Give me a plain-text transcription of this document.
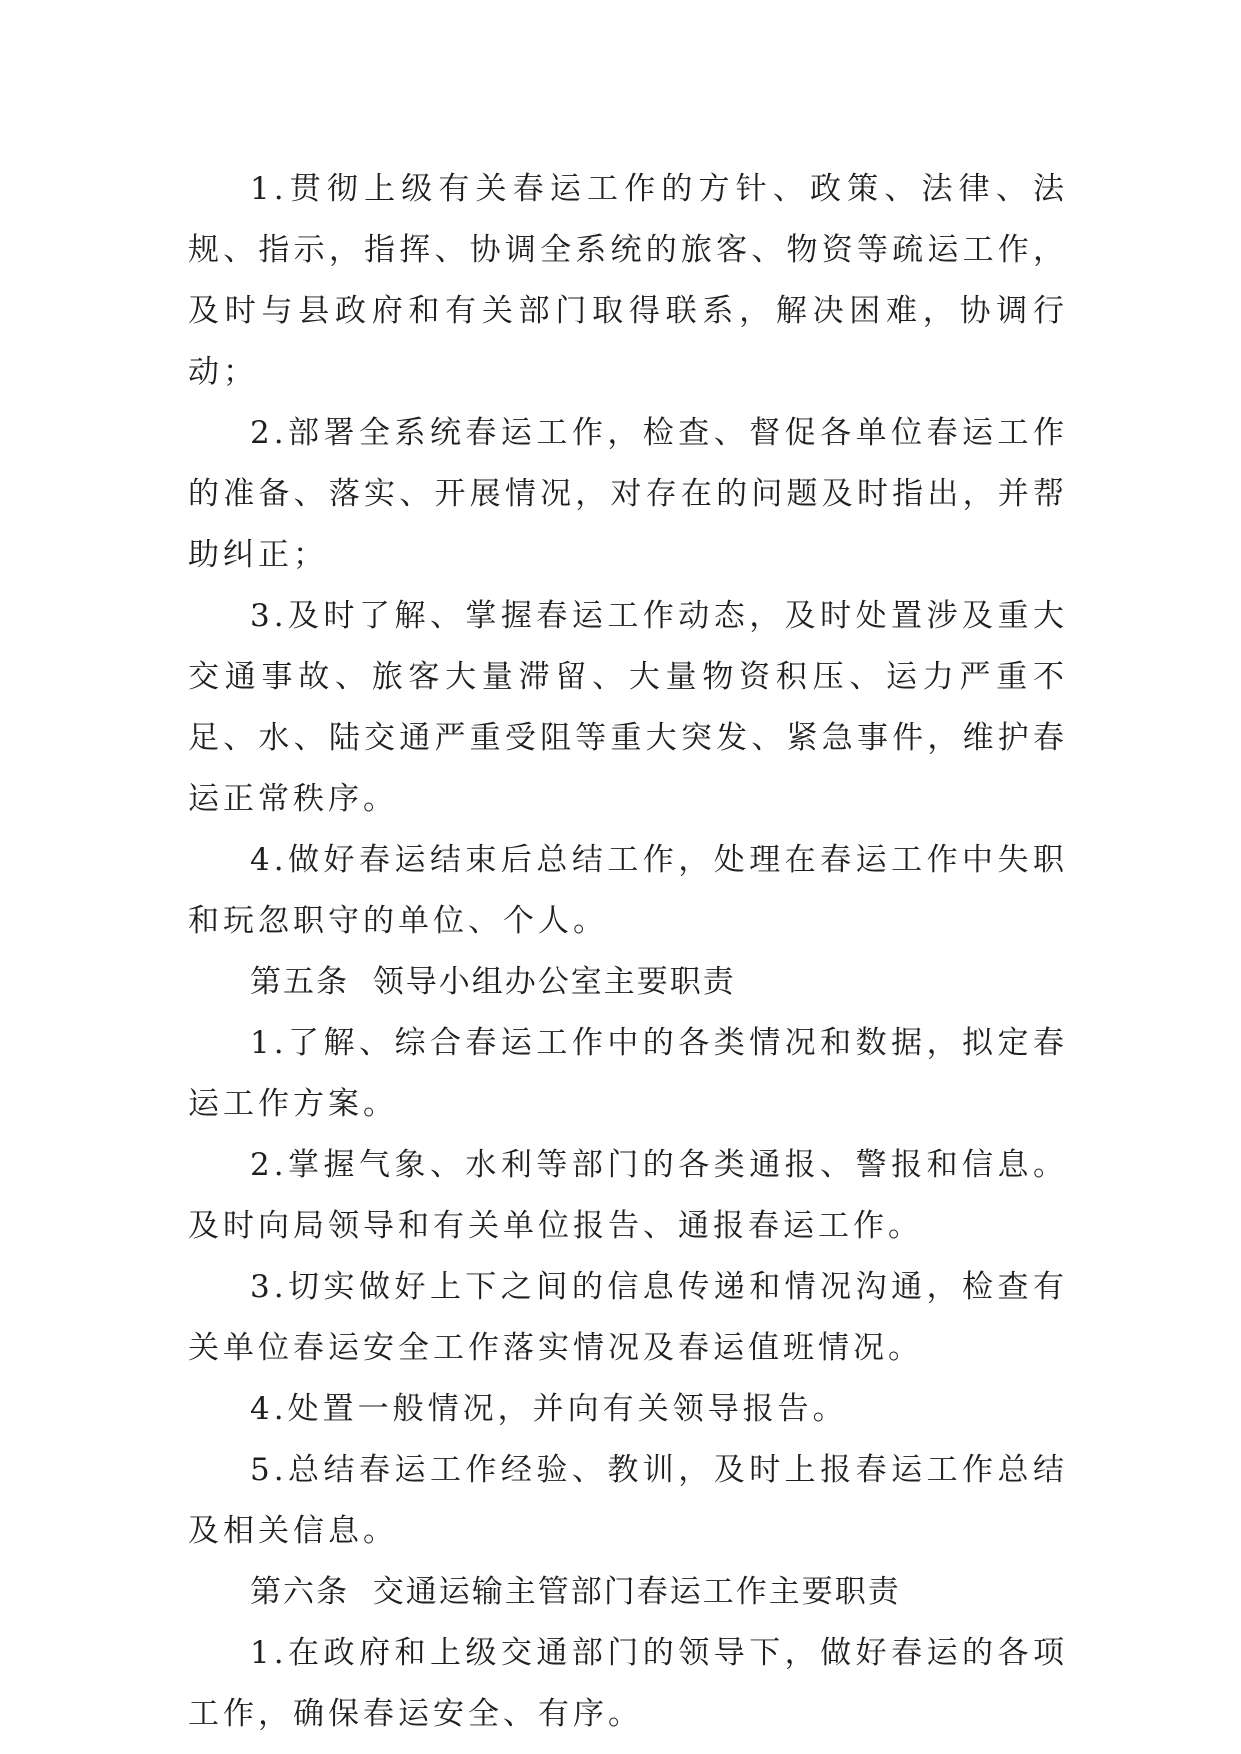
1.贯彻上级有关春运工作的方针、政策、法律、法规、指示，指挥、协调全系统的旅客、物资等疏运工作，及时与县政府和有关部门取得联系，解决困难，协调行动；

2.部署全系统春运工作，检查、督促各单位春运工作的准备、落实、开展情况，对存在的问题及时指出，并帮助纠正；

3.及时了解、掌握春运工作动态，及时处置涉及重大交通事故、旅客大量滞留、大量物资积压、运力严重不足、水、陆交通严重受阻等重大突发、紧急事件，维护春运正常秩序。

4.做好春运结束后总结工作，处理在春运工作中失职和玩忽职守的单位、个人。

第五条  领导小组办公室主要职责

1.了解、综合春运工作中的各类情况和数据，拟定春运工作方案。

2.掌握气象、水利等部门的各类通报、警报和信息。及时向局领导和有关单位报告、通报春运工作。

3.切实做好上下之间的信息传递和情况沟通，检查有关单位春运安全工作落实情况及春运值班情况。

4.处置一般情况，并向有关领导报告。

5.总结春运工作经验、教训，及时上报春运工作总结及相关信息。

第六条  交通运输主管部门春运工作主要职责

1.在政府和上级交通部门的领导下，做好春运的各项工作，确保春运安全、有序。
